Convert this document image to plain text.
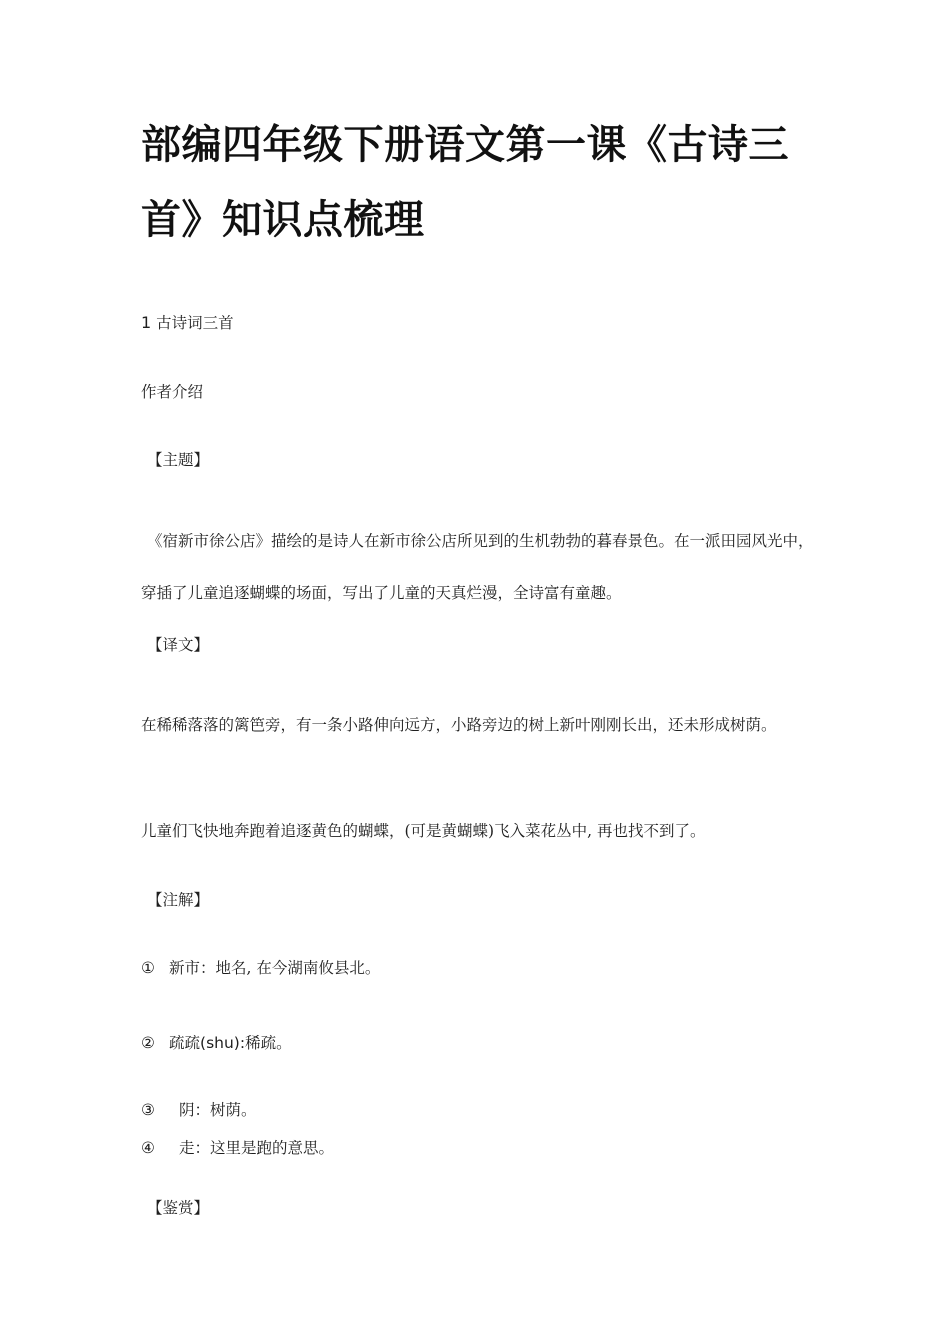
部编四年级下册语文第一课《古诗三首》知识点梳理

1 古诗词三首

作者介绍

【主题】

《宿新市徐公店》描绘的是诗人在新市徐公店所见到的生机勃勃的暮春景色。在一派田园风光中，穿插了儿童追逐蝴蝶的场面，写出了儿童的天真烂漫，全诗富有童趣。

【译文】

在稀稀落落的篱笆旁，有一条小路伸向远方，小路旁边的树上新叶刚刚长出，还未形成树荫。

儿童们飞快地奔跑着追逐黄色的蝴蝶，(可是黄蝴蝶)飞入菜花丛中, 再也找不到了。

【注解】

① 新市：地名, 在今湖南攸县北。

② 疏疏(shu):稀疏。

③ 阴：树荫。

④ 走：这里是跑的意思。

【鉴赏】
